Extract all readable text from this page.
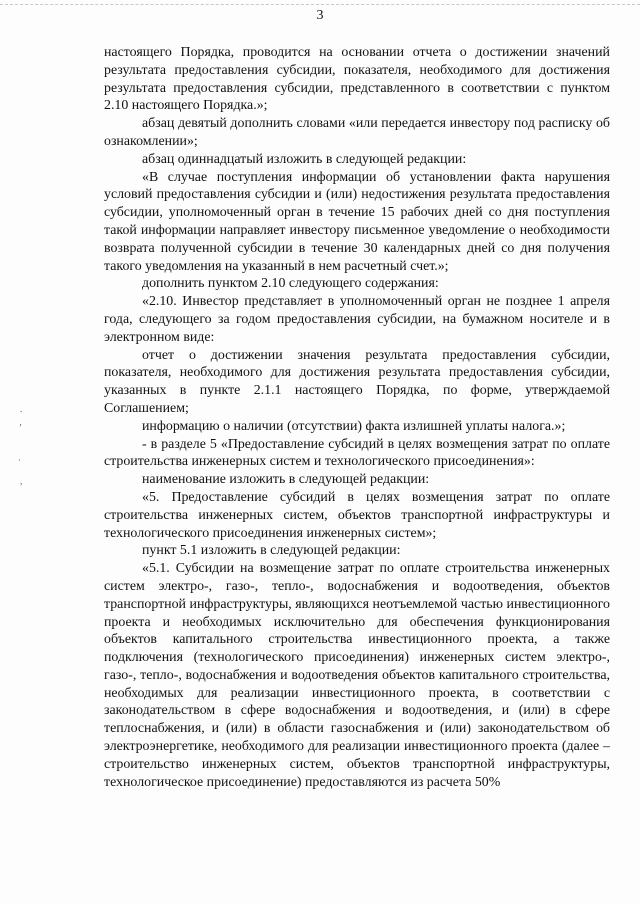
3
.
‚
·
,

настоящего Порядка, проводится на основании отчета о достижении значений результата предоставления субсидии, показателя, необходимого для достижения результата предоставления субсидии, представленного в соответствии с пунктом 2.10 настоящего Порядка.»;

абзац девятый дополнить словами «или передается инвестору под расписку об ознакомлении»;

абзац одиннадцатый изложить в следующей редакции:

«В случае поступления информации об установлении факта нарушения условий предоставления субсидии и (или) недостижения результата предоставления субсидии, уполномоченный орган в течение 15 рабочих дней со дня поступления такой информации направляет инвестору письменное уведомление о необходимости возврата полученной субсидии в течение 30 календарных дней со дня получения такого уведомления на указанный в нем расчетный счет.»;

дополнить пунктом 2.10 следующего содержания:

«2.10. Инвестор представляет в уполномоченный орган не позднее 1 апреля года, следующего за годом предоставления субсидии, на бумажном носителе и в электронном виде:

отчет о достижении значения результата предоставления субсидии, показателя, необходимого для достижения результата предоставления субсидии, указанных в пункте 2.1.1 настоящего Порядка, по форме, утверждаемой Соглашением;

информацию о наличии (отсутствии) факта излишней уплаты налога.»;

- в разделе 5 «Предоставление субсидий в целях возмещения затрат по оплате строительства инженерных систем и технологического присоединения»:

наименование изложить в следующей редакции:

«5. Предоставление субсидий в целях возмещения затрат по оплате строительства инженерных систем, объектов транспортной инфраструктуры и технологического присоединения инженерных систем»;

пункт 5.1 изложить в следующей редакции:

«5.1. Субсидии на возмещение затрат по оплате строительства инженерных систем электро-, газо-, тепло-, водоснабжения и водоотведения, объектов транспортной инфраструктуры, являющихся неотъемлемой частью инвестиционного проекта и необходимых исключительно для обеспечения функционирования объектов капитального строительства инвестиционного проекта, а также подключения (технологического присоединения) инженерных систем электро-, газо-, тепло-, водоснабжения и водоотведения объектов капитального строительства, необходимых для реализации инвестиционного проекта, в соответствии с законодательством в сфере водоснабжения и водоотведения, и (или) в сфере теплоснабжения, и (или) в области газоснабжения и (или) законодательством об электроэнергетике, необходимого для реализации инвестиционного проекта (далее – строительство инженерных систем, объектов транспортной инфраструктуры, технологическое присоединение) предоставляются из расчета 50%
